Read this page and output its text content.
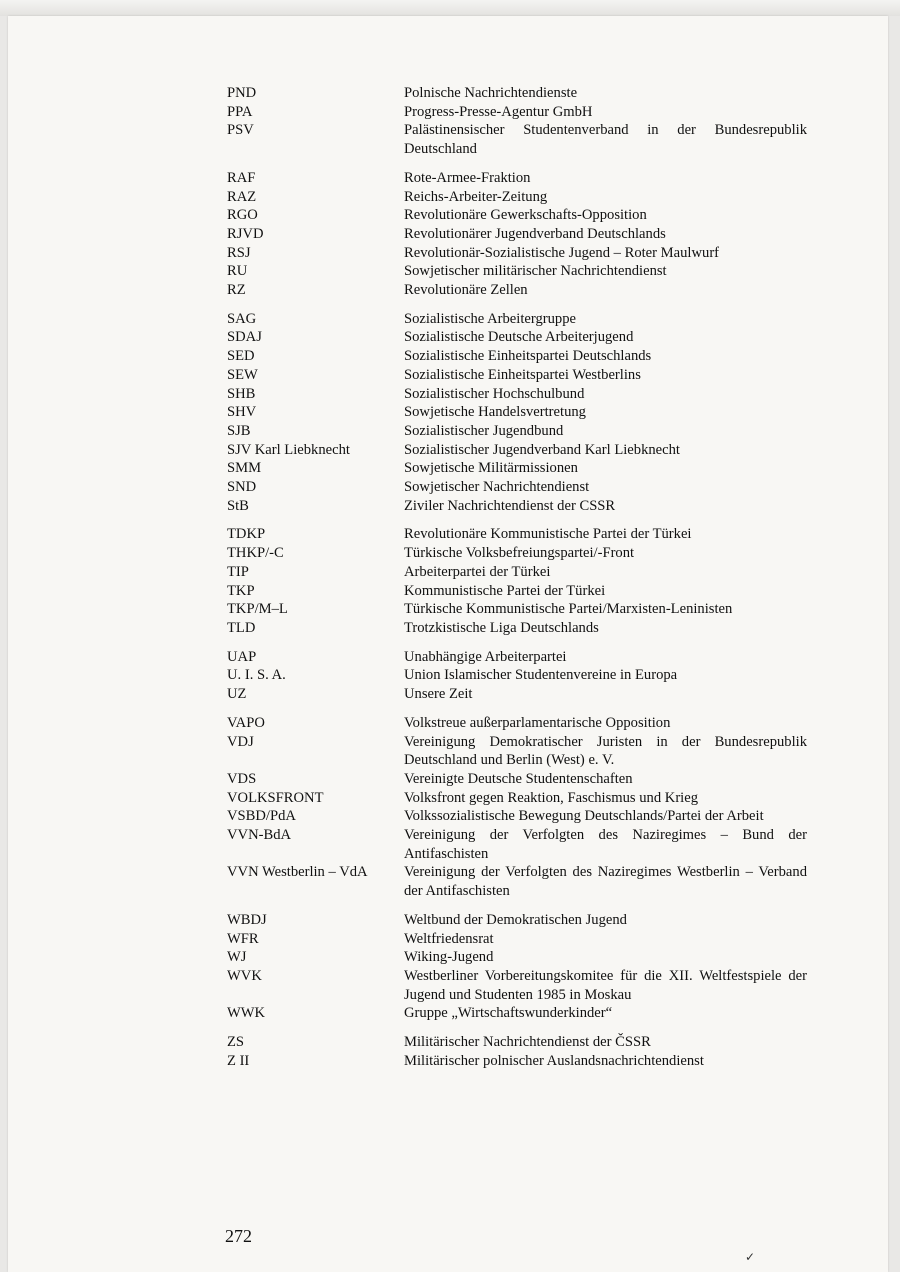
PND	Polnische Nachrichtendienste
PPA	Progress-Presse-Agentur GmbH
PSV	Palästinensischer Studentenverband in der Bundesrepublik Deutschland
RAF	Rote-Armee-Fraktion
RAZ	Reichs-Arbeiter-Zeitung
RGO	Revolutionäre Gewerkschafts-Opposition
RJVD	Revolutionärer Jugendverband Deutschlands
RSJ	Revolutionär-Sozialistische Jugend – Roter Maulwurf
RU	Sowjetischer militärischer Nachrichtendienst
RZ	Revolutionäre Zellen
SAG	Sozialistische Arbeitergruppe
SDAJ	Sozialistische Deutsche Arbeiterjugend
SED	Sozialistische Einheitspartei Deutschlands
SEW	Sozialistische Einheitspartei Westberlins
SHB	Sozialistischer Hochschulbund
SHV	Sowjetische Handelsvertretung
SJB	Sozialistischer Jugendbund
SJV Karl Liebknecht	Sozialistischer Jugendverband Karl Liebknecht
SMM	Sowjetische Militärmissionen
SND	Sowjetischer Nachrichtendienst
StB	Ziviler Nachrichtendienst der CSSR
TDKP	Revolutionäre Kommunistische Partei der Türkei
THKP/-C	Türkische Volksbefreiungspartei/-Front
TIP	Arbeiterpartei der Türkei
TKP	Kommunistische Partei der Türkei
TKP/M–L	Türkische Kommunistische Partei/Marxisten-Leninisten
TLD	Trotzkistische Liga Deutschlands
UAP	Unabhängige Arbeiterpartei
U. I. S. A.	Union Islamischer Studentenvereine in Europa
UZ	Unsere Zeit
VAPO	Volkstreue außerparlamentarische Opposition
VDJ	Vereinigung Demokratischer Juristen in der Bundesrepublik Deutschland und Berlin (West) e. V.
VDS	Vereinigte Deutsche Studentenschaften
VOLKSFRONT	Volksfront gegen Reaktion, Faschismus und Krieg
VSBD/PdA	Volkssozialistische Bewegung Deutschlands/Partei der Arbeit
VVN-BdA	Vereinigung der Verfolgten des Naziregimes – Bund der Antifaschisten
VVN Westberlin – VdA	Vereinigung der Verfolgten des Naziregimes Westberlin – Verband der Antifaschisten
WBDJ	Weltbund der Demokratischen Jugend
WFR	Weltfriedensrat
WJ	Wiking-Jugend
WVK	Westberliner Vorbereitungskomitee für die XII. Weltfestspiele der Jugend und Studenten 1985 in Moskau
WWK	Gruppe „Wirtschaftswunderkinder“
ZS	Militärischer Nachrichtendienst der ČSSR
Z II	Militärischer polnischer Auslandsnachrichtendienst
272
✓
